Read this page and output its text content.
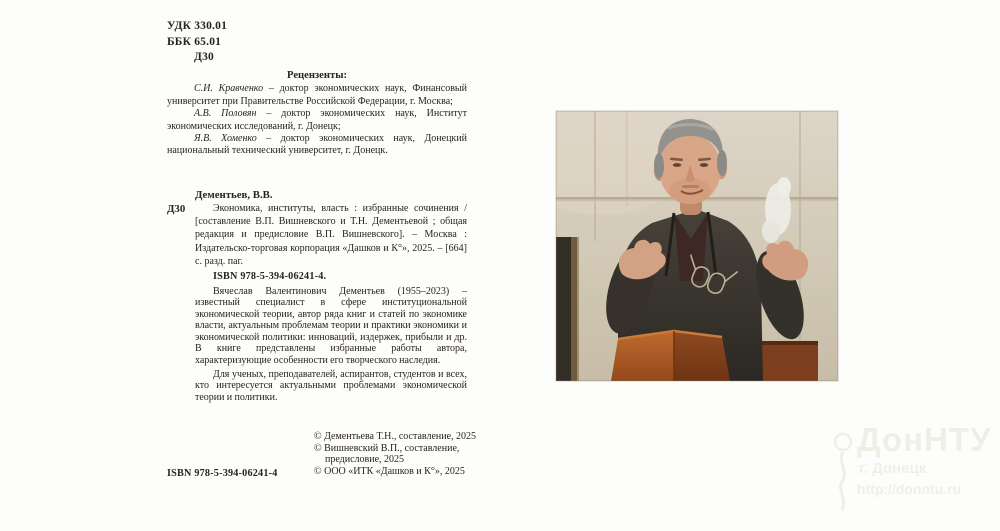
УДК 330.01
ББК 65.01
Д30
Рецензенты:

С.И. Кравченко – доктор экономических наук, Финансовый университет при Правительстве Российской Федерации, г. Москва;

А.В. Половян – доктор экономических наук, Институт экономических исследований, г. Донецк;

Я.В. Хоменко – доктор экономических наук, Донецкий национальный технический университет, г. Донецк.

Дементьев, В.В.
Д30	Экономика, институты, власть : избранные сочинения / [составление В.П. Вишневского и Т.Н. Дементьевой ; общая редакция и предисловие В.П. Вишневского]. – Москва : Издательско-торговая корпорация «Дашков и К°», 2025. – [664] с. разд. паг.

ISBN 978-5-394-06241-4.

Вячеслав Валентинович Дементьев (1955–2023) – известный специалист в сфере институциональной экономической теории, автор ряда книг и статей по экономике власти, актуальным проблемам теории и практики экономики и экономической политики: инноваций, издержек, прибыли и др. В книге представлены избранные работы автора, характеризующие особенности его творческого наследия.

Для ученых, преподавателей, аспирантов, студентов и всех, кто интересуется актуальными проблемами экономической теории и политики.

ISBN 978-5-394-06241-4
© Дементьева Т.Н., составление, 2025
© Вишневский В.П., составление,
предисловие, 2025
© ООО «ИТК «Дашков и К°», 2025
ДонНТУ
г. Донецк
http://donntu.ru
